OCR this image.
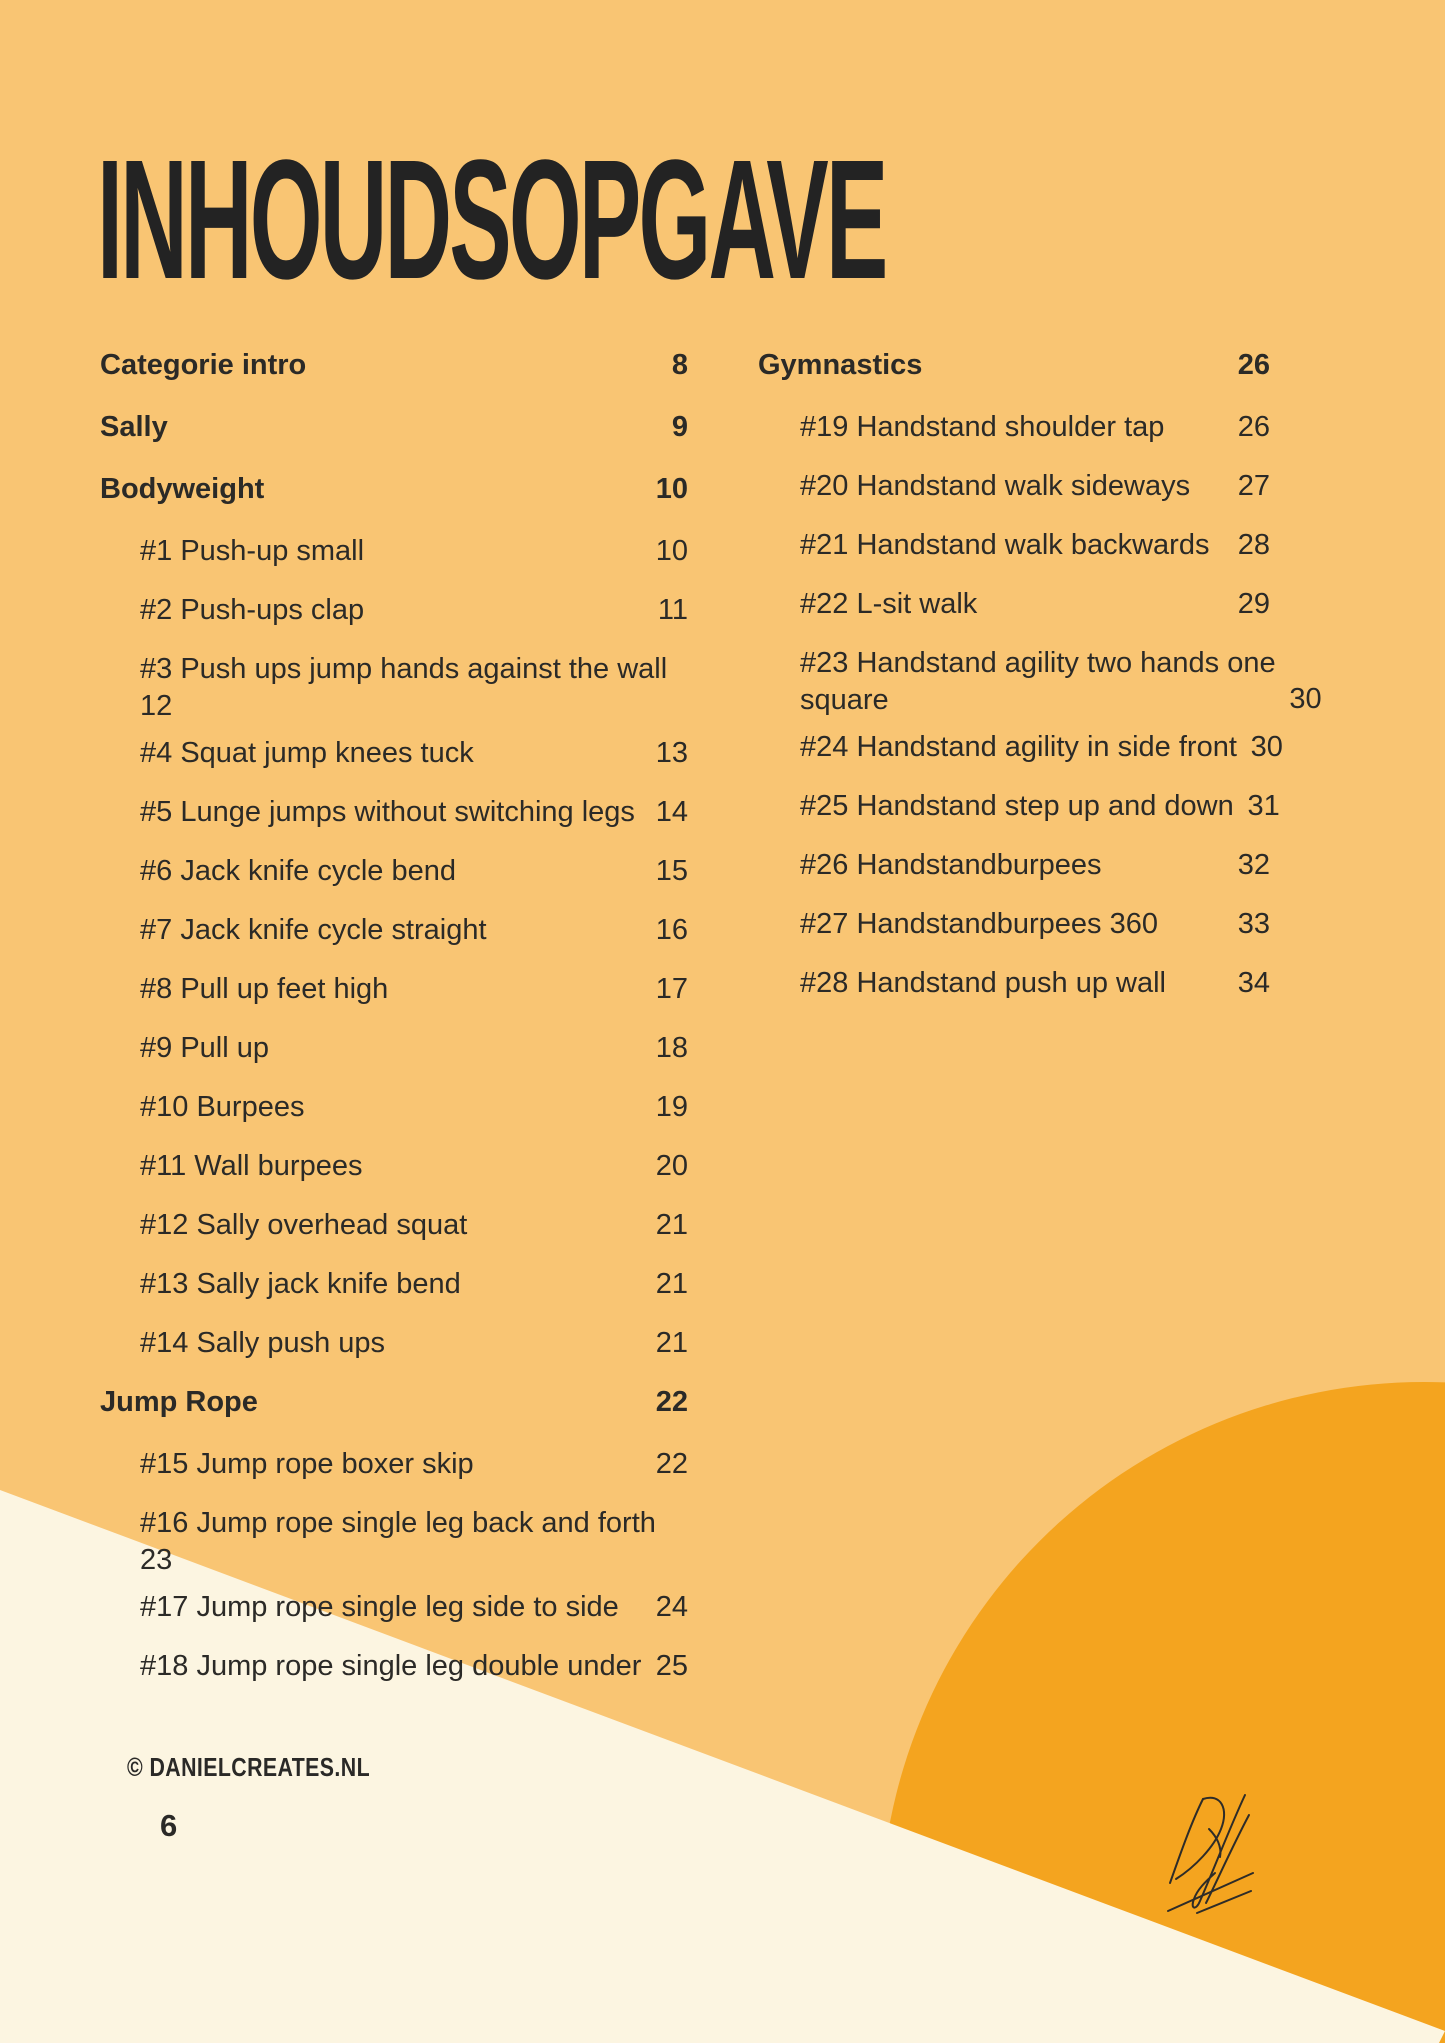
INHOUDSOPGAVE
Categorie intro	8
Sally	9
Bodyweight	10
#1 Push-up small	10
#2 Push-ups clap	11
#3 Push ups jump hands against the wall
12
#4 Squat jump knees tuck	13
#5 Lunge jumps without switching legs 14
#6 Jack knife cycle bend	15
#7 Jack knife cycle straight	16
#8 Pull up feet high	17
#9 Pull up	18
#10 Burpees	19
#11 Wall burpees	20
#12 Sally overhead squat	21
#13 Sally jack knife bend	21
#14 Sally push ups	21
Jump Rope	22
#15 Jump rope boxer skip	22
#16 Jump rope single leg back and forth
23
#17 Jump rope single leg side to side 24
#18 Jump rope single leg double under 25
Gymnastics	26
#19 Handstand shoulder tap	26
#20 Handstand walk sideways 27
#21 Handstand walk backwards 28
#22 L-sit walk	29
#23 Handstand agility two hands one
square	30
#24 Handstand agility in side front 30
#25 Handstand step up and down 31
#26 Handstandburpees	32
#27 Handstandburpees 360	33
#28 Handstand push up wall 34
© DANIELCREATES.NL
6
